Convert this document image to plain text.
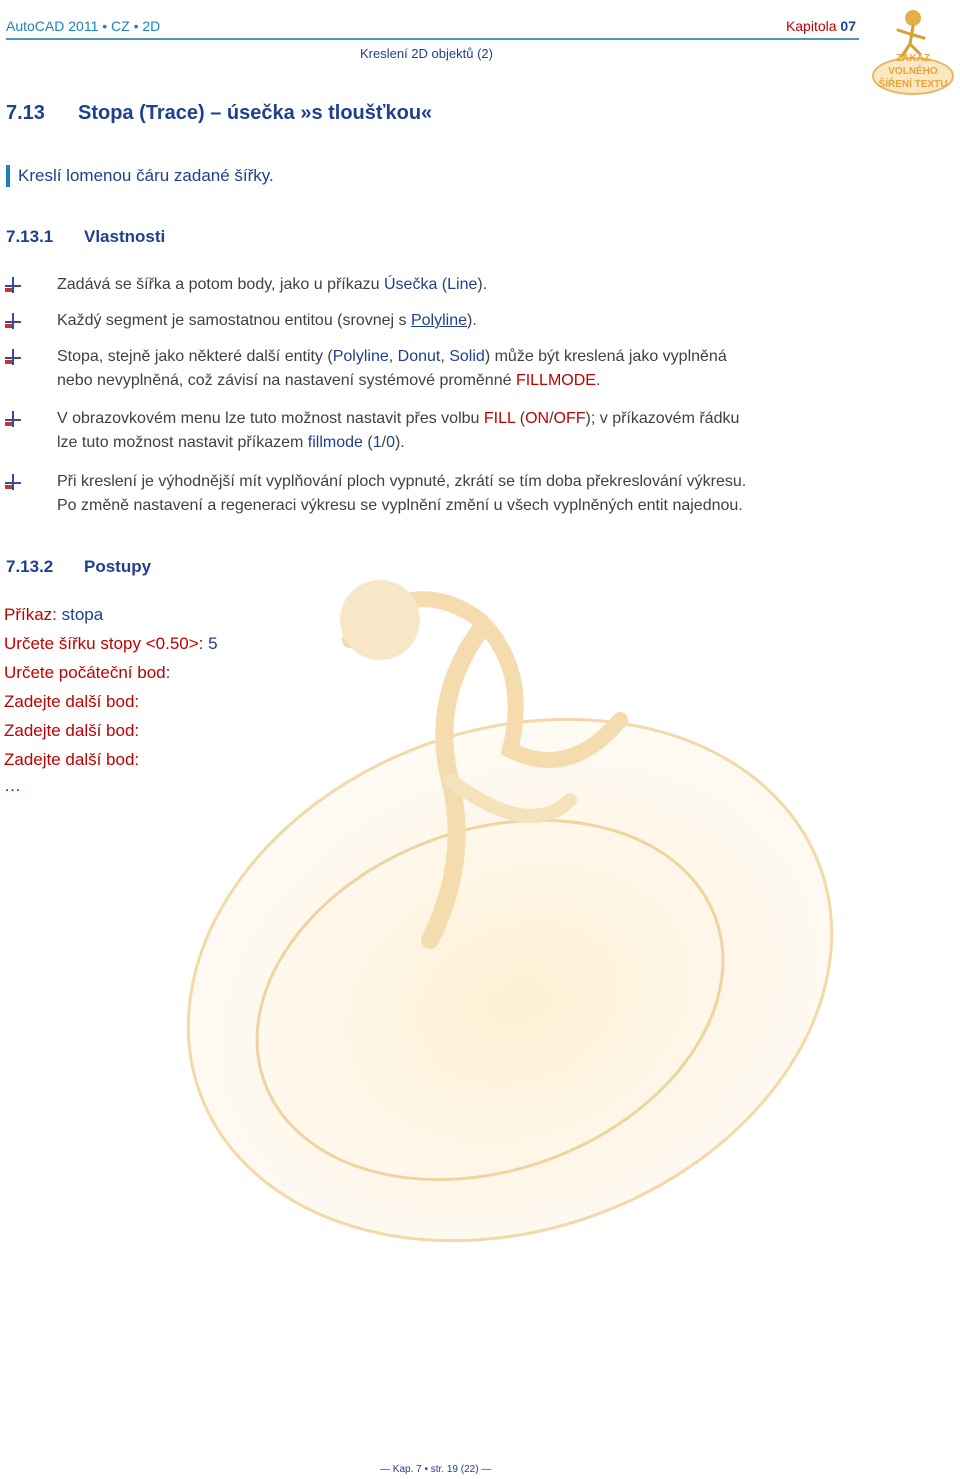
AutoCAD 2011 • CZ • 2D	Kapitola 07
Kreslení 2D objektů (2)	ZÁKAZ
VOLNÉHO
ŠÍŘENÍ TEXTU
7.13 Stopa (Trace) – úsečka »s tloušťkou«
Kreslí lomenou čáru zadané šířky.
7.13.1 Vlastnosti
Zadává se šířka a potom body, jako u příkazu Úsečka (Line).
Každý segment je samostatnou entitou (srovnej s Polyline).
Stopa, stejně jako některé další entity (Polyline, Donut, Solid) může být kreslená jako vyplněná
nebo nevyplněná, což závisí na nastavení systémové proměnné FILLMODE.
V obrazovkovém menu lze tuto možnost nastavit přes volbu FILL (ON/OFF); v příkazovém řádku
lze tuto možnost nastavit příkazem fillmode (1/0).
Při kreslení je výhodnější mít vyplňování ploch vypnuté, zkrátí se tím doba překreslování výkresu.
Po změně nastavení a regeneraci výkresu se vyplnění změní u všech vyplněných entit najednou.
7.13.2 Postupy
Příkaz: stopa
Určete šířku stopy <0.50>: 5
Určete počáteční bod:
Zadejte další bod:
Zadejte další bod:
Zadejte další bod:
…
— Kap. 7 • str. 19 (22) —
